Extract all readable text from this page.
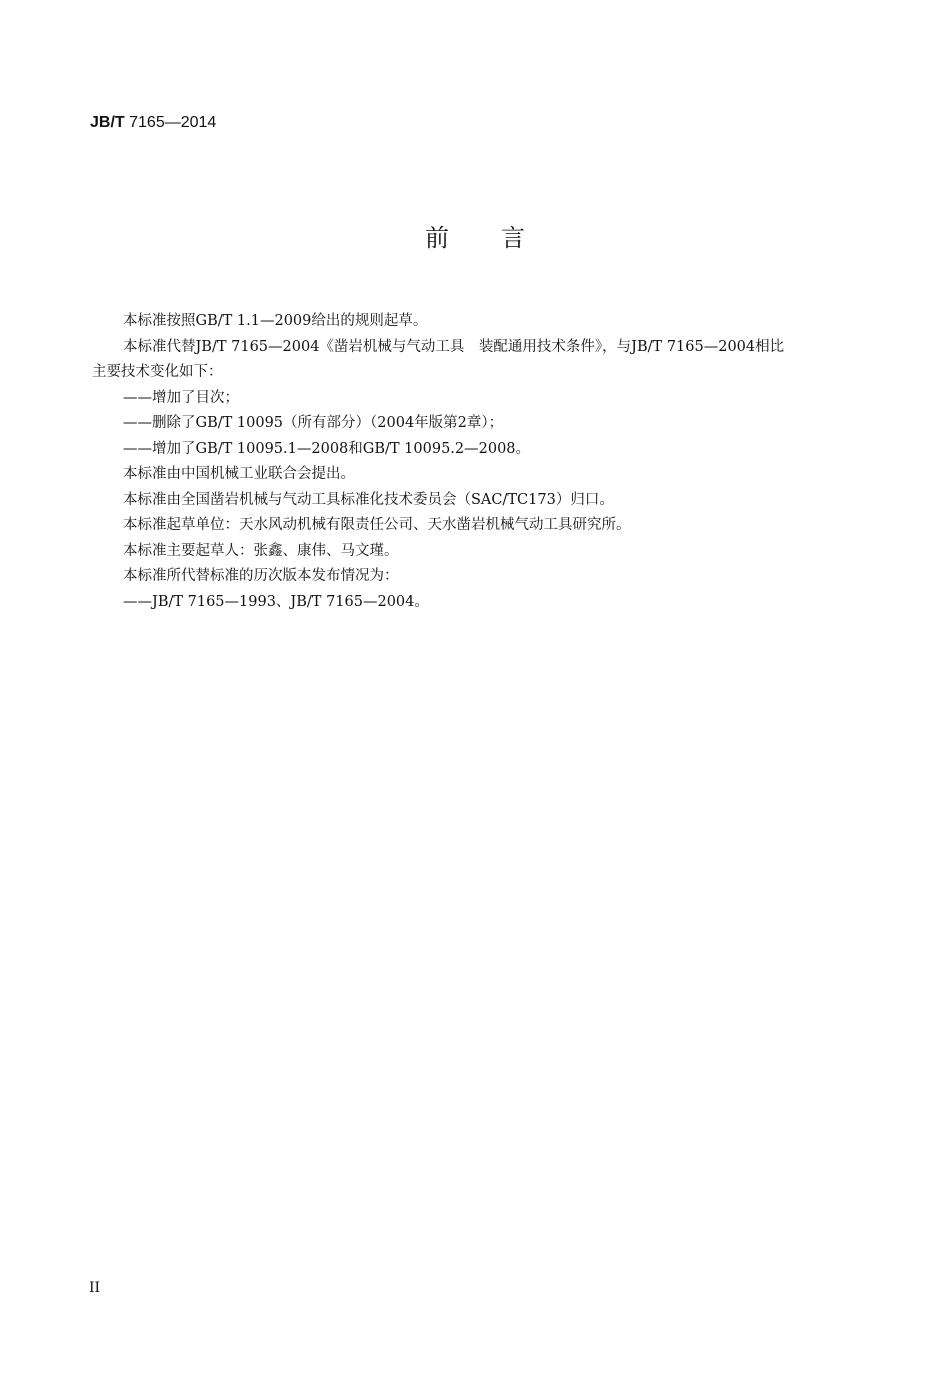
JB/T 7165—2014
前言

本标准按照GB/T 1.1—2009给出的规则起草。

本标准代替JB/T 7165—2004《凿岩机械与气动工具　装配通用技术条件》，与JB/T 7165—2004相比

主要技术变化如下：

——增加了目次；

——删除了GB/T 10095（所有部分）（2004年版第2章）；

——增加了GB/T 10095.1—2008和GB/T 10095.2—2008。

本标准由中国机械工业联合会提出。

本标准由全国凿岩机械与气动工具标准化技术委员会（SAC/TC173）归口。

本标准起草单位：天水风动机械有限责任公司、天水凿岩机械气动工具研究所。

本标准主要起草人：张鑫、康伟、马文瑾。

本标准所代替标准的历次版本发布情况为：

——JB/T 7165—1993、JB/T 7165—2004。

II
